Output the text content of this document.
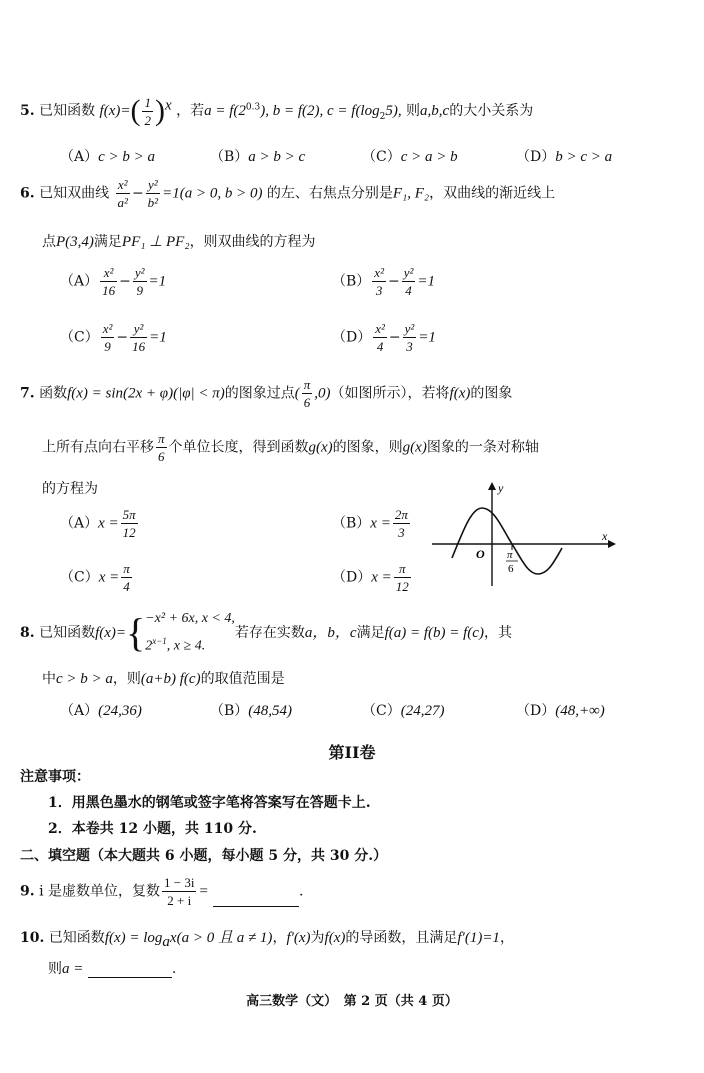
5. 已知函数 $f(x)=( \frac{1}{2} )^x$ ，若$a = f(2^{0.3})$, b = f(2), $c = f(\log_25)$, 则a,b,c的大小关系为
（A）c > b > a	（B）a > b > c	（C）c > a > b	（D）b > c > a
6. 已知双曲线 $\frac{\text{x²}}{\text{a²}} - \frac{\text{y²}}{\text{b²}} =1(a > 0$, b > 0) 的左、右焦点分别是F₁, F₂，双曲线的渐近线上
点P(3,4)满足PF₁ ⊥ PF₂，则双曲线的方程为
$(A) \frac{\text{x²}}{16} - \frac{\text{y²}}{9} =1$	$(B) \frac{\text{x²}}{3} - \frac{\text{y²}}{4} =1$
$(C) \frac{\text{x²}}{9} - \frac{\text{y²}}{16} =1$	$(D) \frac{\text{x²}}{4} - \frac{\text{y²}}{3} =1$
7. 函数f(x) = sin(2x + φ)(|φ| < π)的图象过点( $\frac{\pi}{6} ,0$)（如图所示），若将f(x)的图象
上所有点向右平移 $\frac{\pi}{6}$ 个单位长度，得到函数g(x)的图象，则g(x)图象的一条对称轴
的方程为
$(A)x = \frac{5\pi}{12}$	$(B)x = \frac{2\pi}{3}$
$(C)x = \frac{\pi}{4}$	$(D)x = \frac{\pi}{12}$
y
x
O π
6
8. 已知函数f(x)={−x² + 6x, x < 4,
$2^{x-1}$, x ≥ 4.若存在实数a，b，c满足f(a) = f(b) = f(c)，其
中c > b > a，则(a+b) f(c)的取值范围是
（A）(24,36)	（B）(48,54)	（C）(24,27)	（D）(48,+∞)
第II卷
注意事项：
1．用黑色墨水的钢笔或签字笔将答案写在答题卡上.
2．本卷共 12 小题，共 110 分.
二、填空题（本大题共 6 小题，每小题 5 分，共 30 分.）
9. i 是虚数单位，复数 $\frac{1 - 3i}{2 + i}$ =	.
10. 已知函数$f(x) = \log_ax(a > 0$ 且 a ≠ 1)，f′(x)为f(x)的导函数，且满足f′(1)=1，
则a =	.
高三数学（文）　第 2 页（共 4 页）
